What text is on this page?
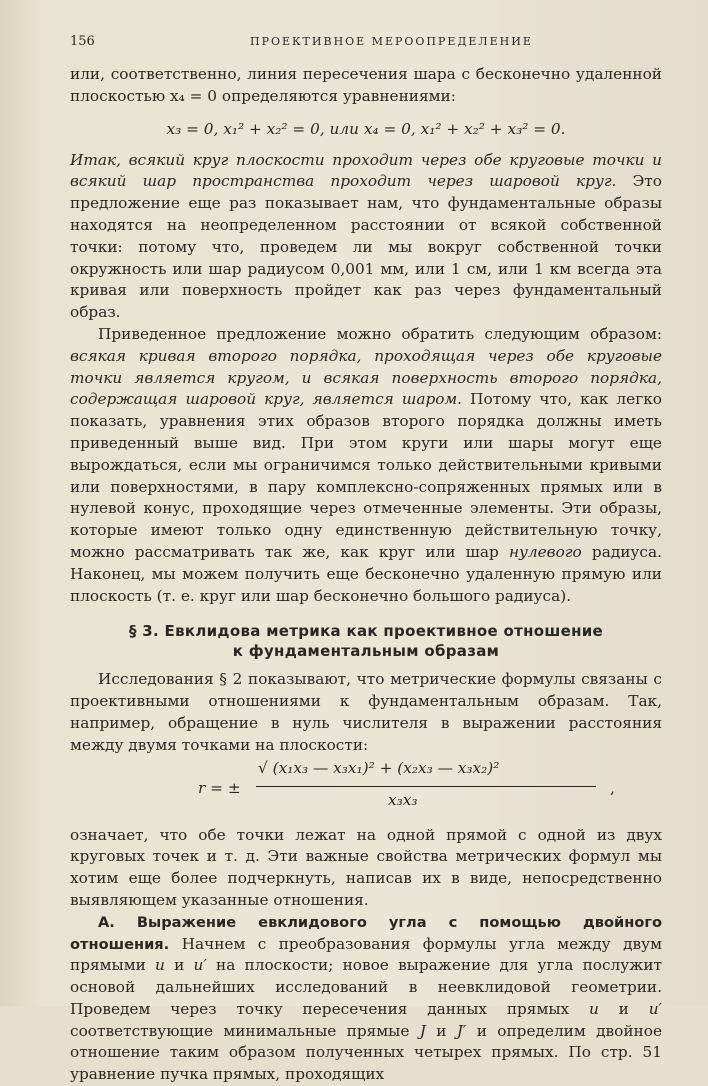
156	ПРОЕКТИВНОЕ МЕРООПРЕДЕЛЕНИЕ

или, соответственно, линия пересечения шара с бесконечно удаленной плоскостью x₄ = 0 определяются уравнениями:

x₃ = 0, x₁² + x₂² = 0, или x₄ = 0, x₁² + x₂² + x₃² = 0.

Итак, всякий круг плоскости проходит через обе круговые точки и всякий шар пространства проходит через шаровой круг. Это предложение еще раз показывает нам, что фундаментальные образы находятся на неопределенном расстоянии от всякой собственной точки: потому что, проведем ли мы вокруг собственной точки окружность или шар радиусом 0,001 мм, или 1 см, или 1 км всегда эта кривая или поверхность пройдет как раз через фундаментальный образ.

Приведенное предложение можно обратить следующим образом: всякая кривая второго порядка, проходящая через обе круговые точки является кругом, и всякая поверхность второго порядка, содержащая шаровой круг, является шаром. Потому что, как легко показать, уравнения этих образов второго порядка должны иметь приведенный выше вид. При этом круги или шары могут еще вырождаться, если мы ограничимся только действительными кривыми или поверхностями, в пару комплексно-сопряженных прямых или в нулевой конус, проходящие через отмеченные элементы. Эти образы, которые имеют только одну единственную действительную точку, можно рассматривать так же, как круг или шар нулевого радиуса. Наконец, мы можем получить еще бесконечно удаленную прямую или плоскость (т. е. круг или шар бесконечно большого радиуса).

§ 3. Евклидова метрика как проективное отношение
к фундаментальным образам

Исследования § 2 показывают, что метрические формулы связаны с проективными отношениями к фундаментальным образам. Так, например, обращение в нуль числителя в выражении расстояния между двумя точками на плоскости:

r = ±
√ (x₁x₃ — x₃x₁)² + (x₂x₃ — x₃x₂)²
x₃x₃
,

означает, что обе точки лежат на одной прямой с одной из двух круговых точек и т. д. Эти важные свойства метрических формул мы хотим еще более подчеркнуть, написав их в виде, непосредственно выявляющем указанные отношения.

А. Выражение евклидового угла с помощью двойного отношения. Начнем с преобразования формулы угла между двум прямыми u и u′ на плоскости; новое выражение для угла послужит основой дальнейших исследований в неевклидовой геометрии. Проведем через точку пересечения данных прямых u и u′ соответствующие минимальные прямые J и J′ и определим двойное отношение таким образом полученных четырех прямых. По стр. 51 уравнение пучка прямых, проходящих
